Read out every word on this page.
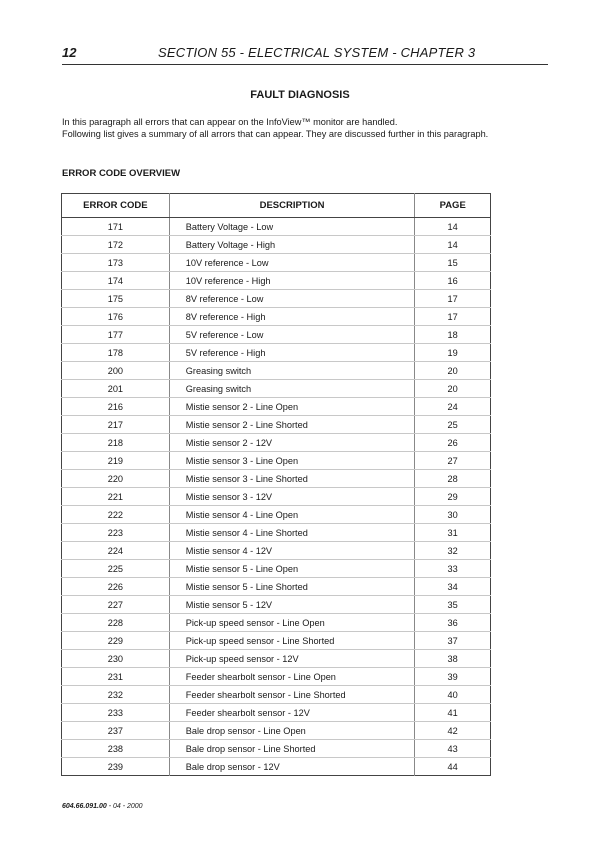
12	SECTION 55 - ELECTRICAL SYSTEM - CHAPTER 3
FAULT DIAGNOSIS

In this paragraph all errors that can appear on the InfoView™ monitor are handled.

Following list gives a summary of all arrors that can appear. They are discussed further in this paragraph.

ERROR CODE OVERVIEW
ERROR CODE	DESCRIPTION	PAGE
171	Battery Voltage - Low	14
172	Battery Voltage - High	14
173	10V reference - Low	15
174	10V reference - High	16
175	8V reference - Low	17
176	8V reference - High	17
177	5V reference - Low	18
178	5V reference - High	19
200	Greasing switch	20
201	Greasing switch	20
216	Mistie sensor 2 - Line Open	24
217	Mistie sensor 2 - Line Shorted	25
218	Mistie sensor 2 - 12V	26
219	Mistie sensor 3 - Line Open	27
220	Mistie sensor 3 - Line Shorted	28
221	Mistie sensor 3 - 12V	29
222	Mistie sensor 4 - Line Open	30
223	Mistie sensor 4 - Line Shorted	31
224	Mistie sensor 4 - 12V	32
225	Mistie sensor 5 - Line Open	33
226	Mistie sensor 5 - Line Shorted	34
227	Mistie sensor 5 - 12V	35
228	Pick-up speed sensor - Line Open	36
229	Pick-up speed sensor - Line Shorted	37
230	Pick-up speed sensor - 12V	38
231	Feeder shearbolt sensor - Line Open	39
232	Feeder shearbolt sensor - Line Shorted	40
233	Feeder shearbolt sensor - 12V	41
237	Bale drop sensor - Line Open	42
238	Bale drop sensor - Line Shorted	43
239	Bale drop sensor - 12V	44
604.66.091.00 - 04 - 2000
